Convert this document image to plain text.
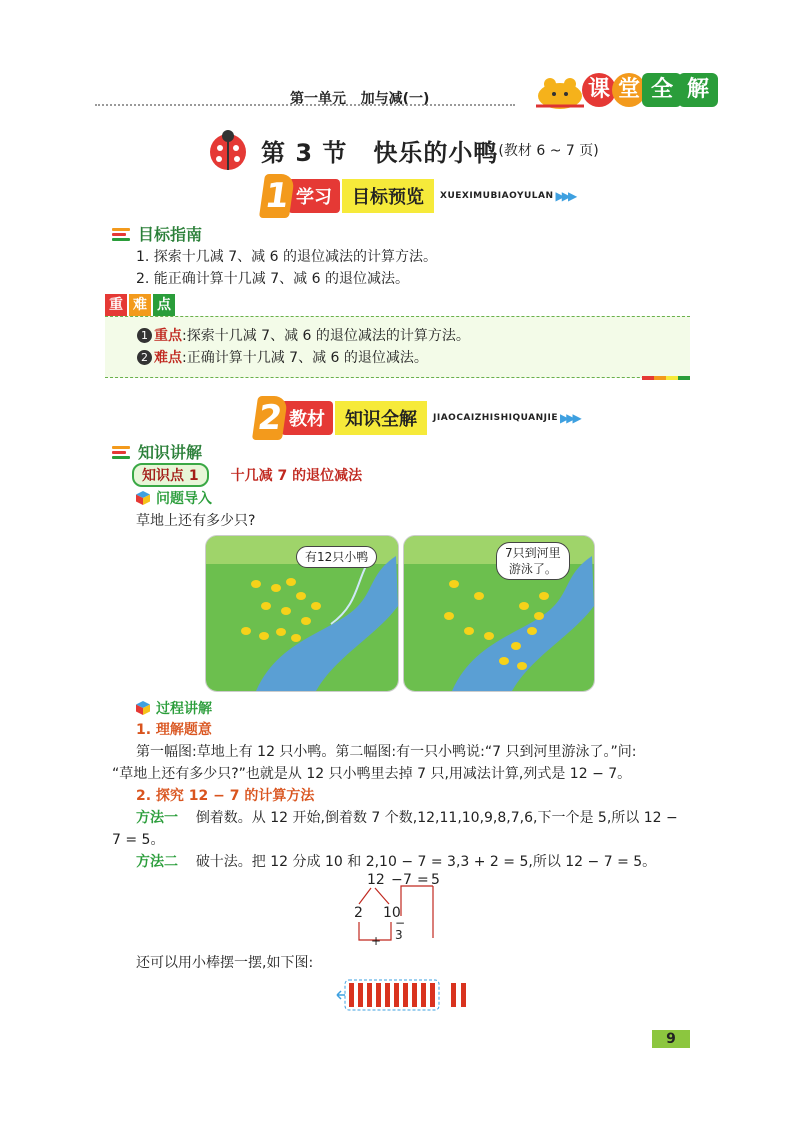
第一单元 加与减(一)	课 堂 全 解
第 3 节 快乐的小鸭 (教材 6 ~ 7 页)
1 学习	目标预览	XUEXIMUBIAOYULAN ▶▶▶
目标指南
1. 探索十几减 7、减 6 的退位减法的计算方法。
2. 能正确计算十几减 7、减 6 的退位减法。
重 难 点
1 重点:探索十几减 7、减 6 的退位减法的计算方法。
2 难点:正确计算十几减 7、减 6 的退位减法。
2 教材	知识全解	JIAOCAIZHISHIQUANJIE ▶▶▶
知识讲解
知识点 1	十几减 7 的退位减法
问题导入
草地上还有多少只?
有12只小鸭	7只到河里
游泳了。
过程讲解
1. 理解题意
第一幅图:草地上有 12 只小鸭。第二幅图:有一只小鸭说:“7 只到河里游泳了。”问:
“草地上还有多少只?”也就是从 12 只小鸭里去掉 7 只,用减法计算,列式是 12 − 7。
2. 探究 12 − 7 的计算方法
方法一 倒着数。从 12 开始,倒着数 7 个数,12,11,10,9,8,7,6,下一个是 5,所以 12 −
7 = 5。
方法二 破十法。把 12 分成 10 和 2,10 − 7 = 3,3 + 2 = 5,所以 12 − 7 = 5。
12 − 7 = 5
2 10
−
3
+
还可以用小棒摆一摆,如下图:
9
